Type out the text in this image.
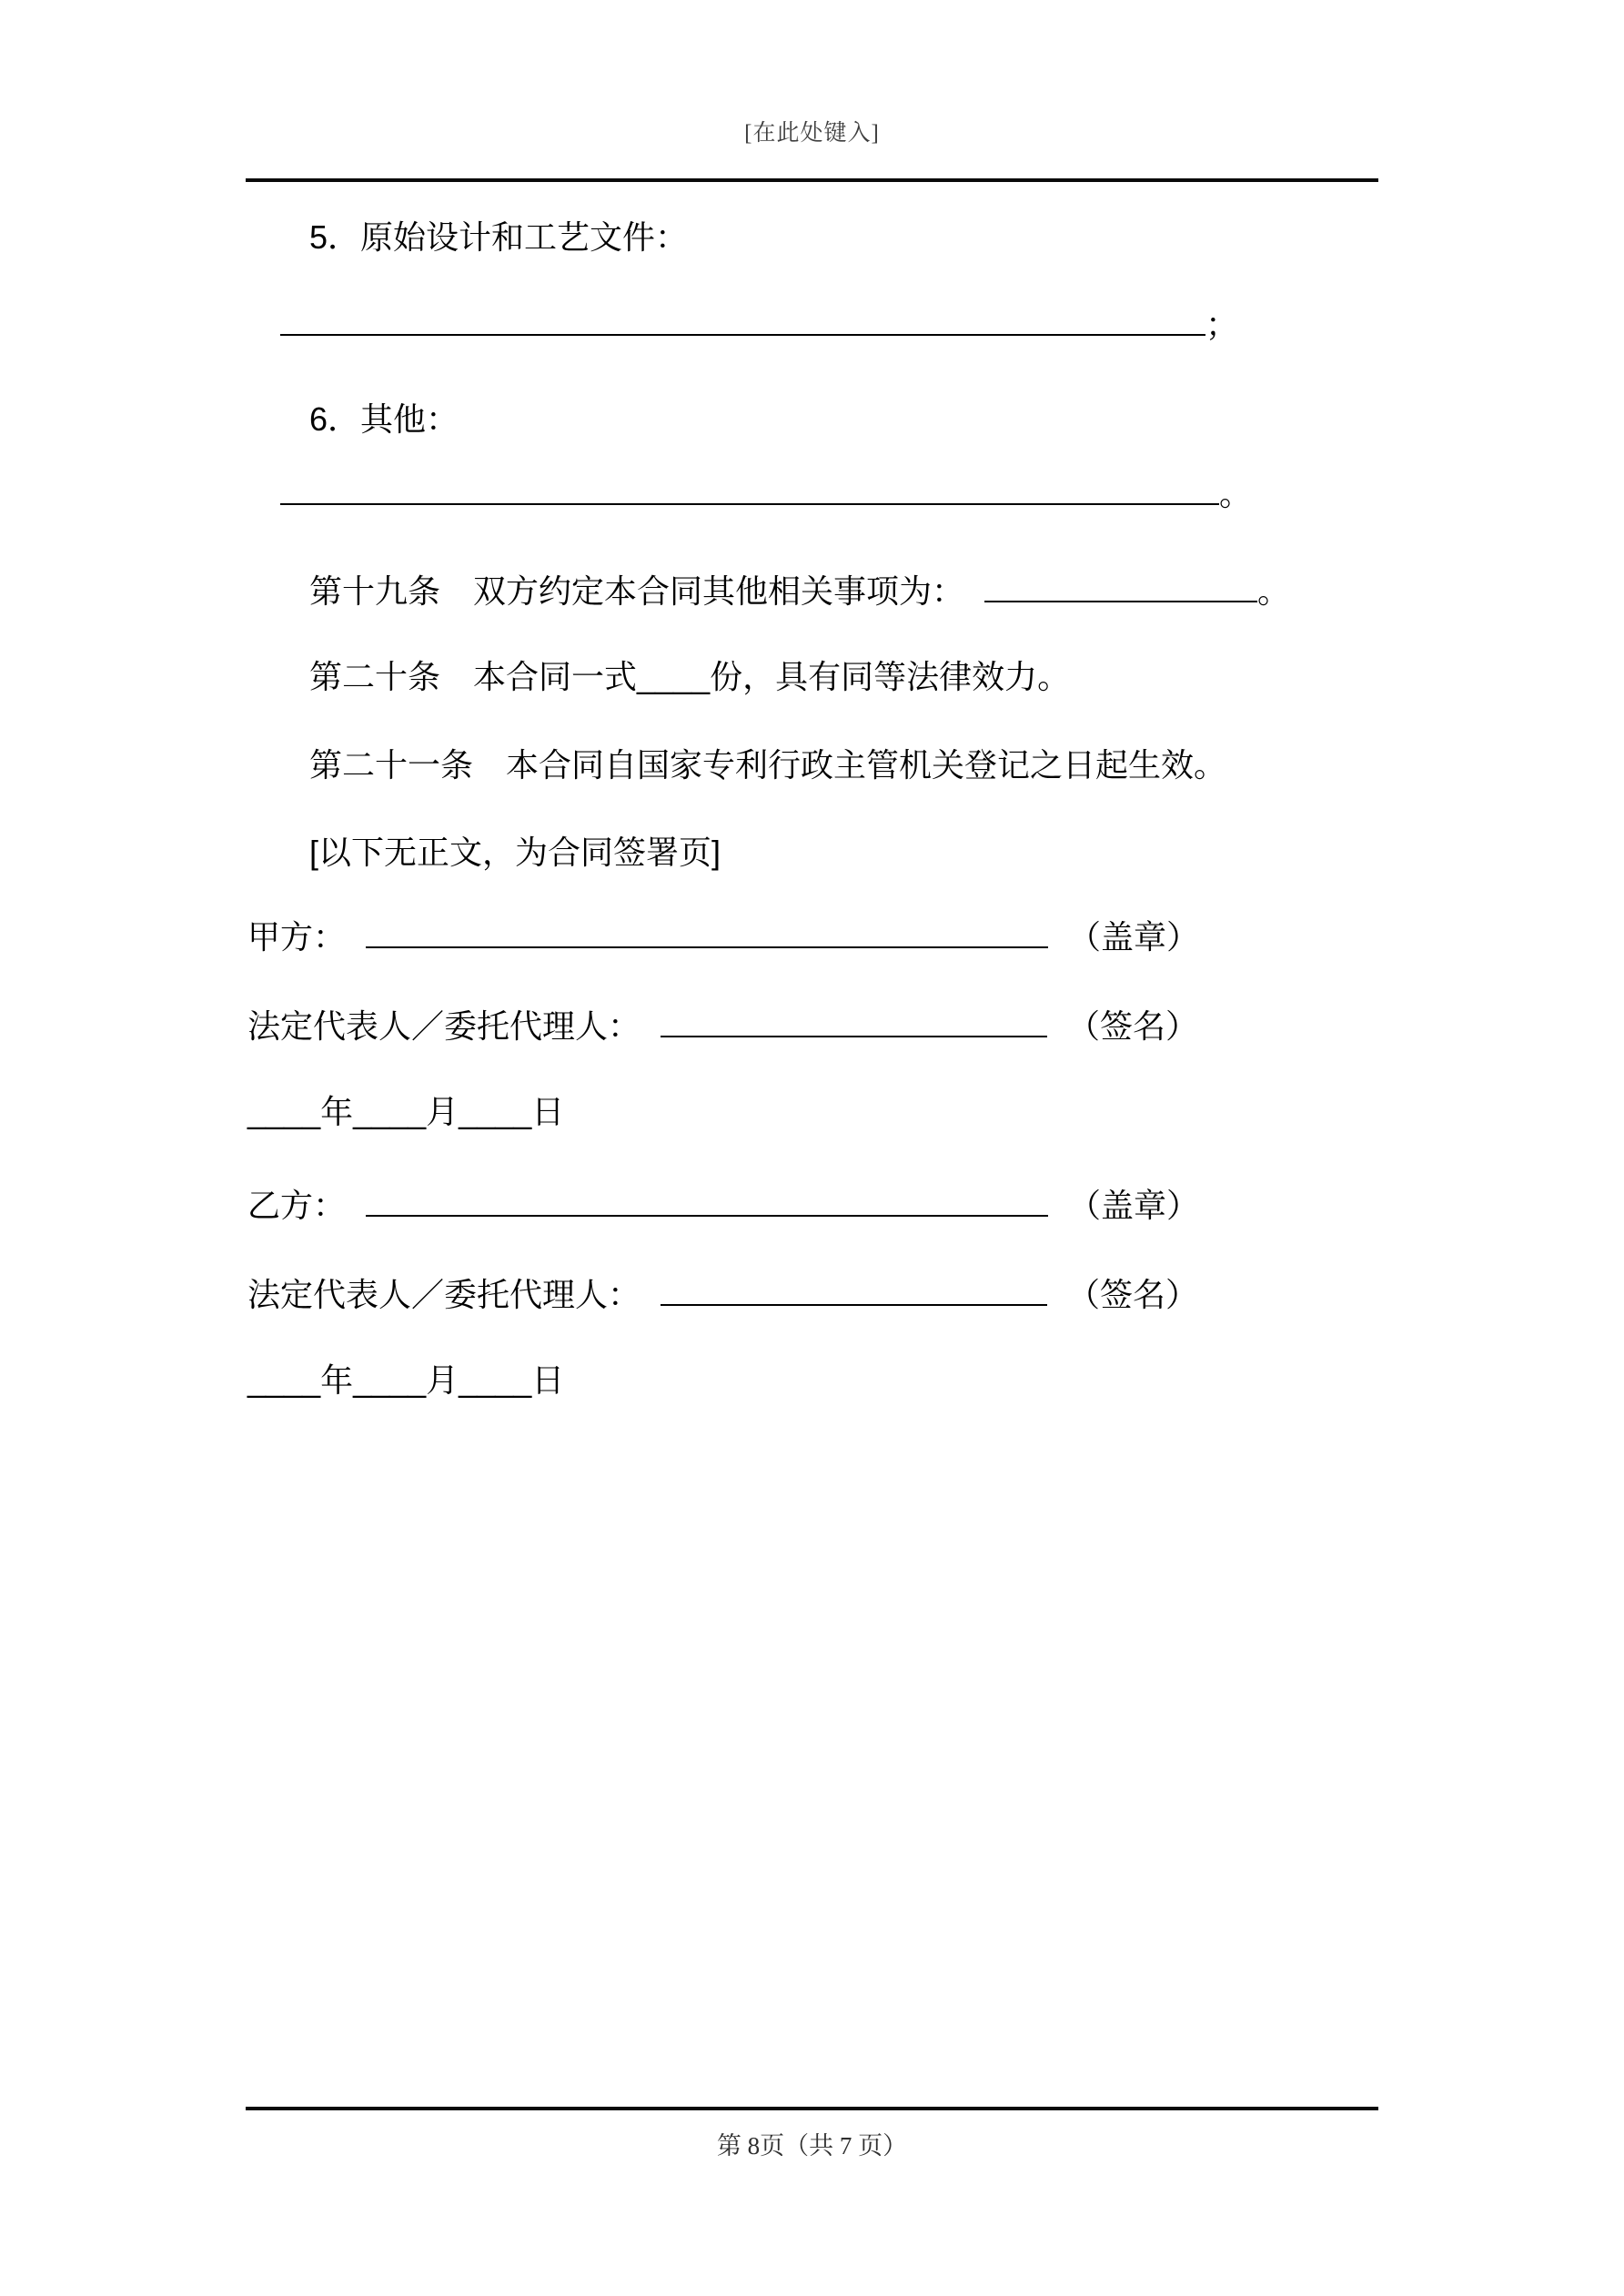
[在此处键入]
5．原始设计和工艺文件：
；
6．其他：
。
第十九条　双方约定本合同其他相关事项为：	。
第二十条　本合同一式____份，具有同等法律效力。
第二十一条　本合同自国家专利行政主管机关登记之日起生效。
[以下无正文，为合同签署页]
甲方：	（盖章）
法定代表人／委托代理人：	（签名）
____年____月____日
乙方：	（盖章）
法定代表人／委托代理人：	（签名）
____年____月____日
第 8页（共 7 页）
